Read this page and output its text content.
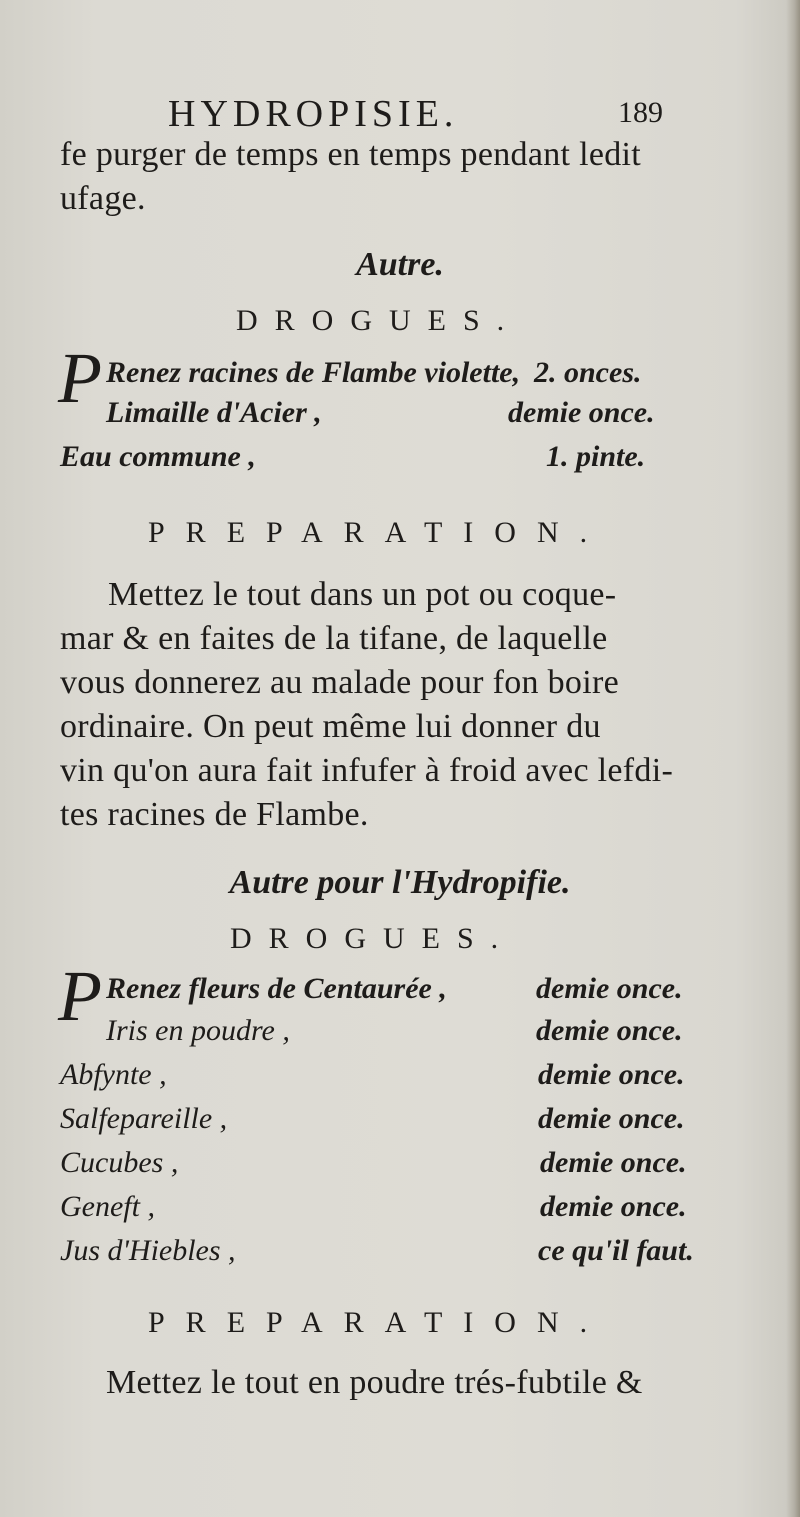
HYDROPISIE.	189
fe purger de temps en temps pendant ledit
ufage.
Autre.
DROGUES.
P Renez racines de Flambe violette, 2. onces.
Limaille d'Acier ,	demie once.
Eau commune ,	1. pinte.
PREPARATION.
Mettez le tout dans un pot ou coque-
mar & en faites de la tifane, de laquelle
vous donnerez au malade pour fon boire
ordinaire. On peut même lui donner du
vin qu'on aura fait infufer à froid avec lefdi-
tes racines de Flambe.
Autre pour l'Hydropifie.
DROGUES.
P Renez fleurs de Centaurée ,	demie once.
Iris en poudre ,	demie once.
Abfynte ,	demie once.
Salfepareille ,	demie once.
Cucubes ,	demie once.
Geneft ,	demie once.
Jus d'Hiebles ,	ce qu'il faut.
PREPARATION.
Mettez le tout en poudre trés-fubtile &
